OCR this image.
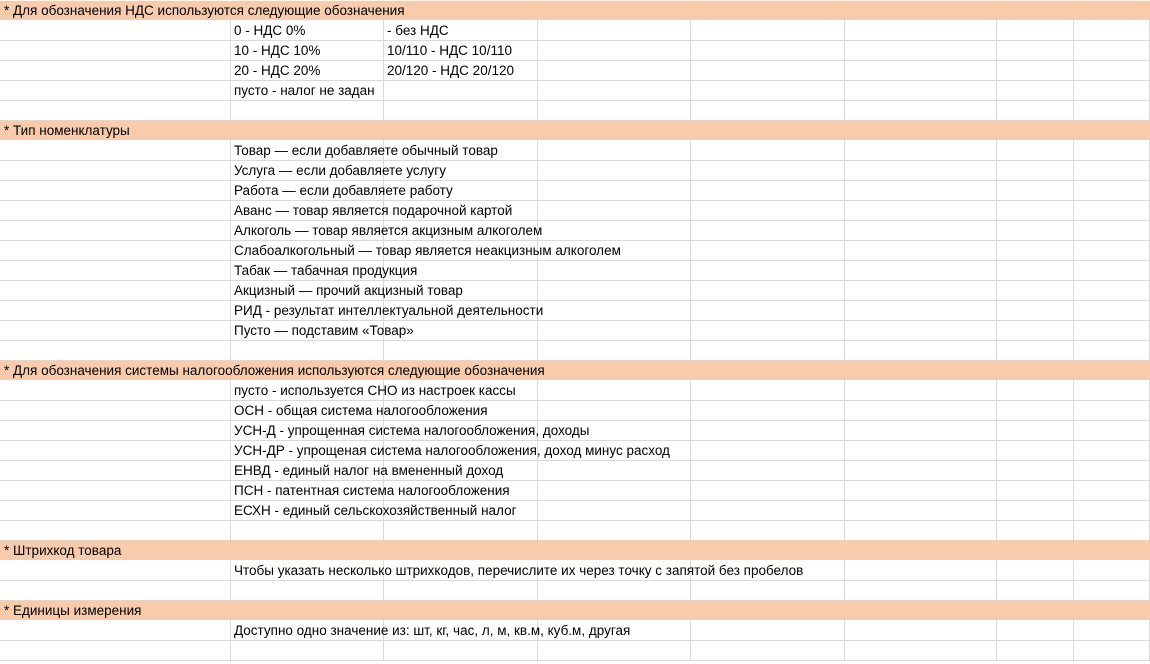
* Для обозначения НДС используются следующие обозначения
0 - НДС 0%	- без НДС
10 - НДС 10%	10/110 - НДС 10/110
20 - НДС 20%	20/120 - НДС 20/120
пусто - налог не задан
* Тип номенклатуры
Товар — если добавляете обычный товар
Услуга — если добавляете услугу
Работа — если добавляете работу
Аванс — товар является подарочной картой
Алкоголь — товар является акцизным алкоголем
Слабоалкогольный — товар является неакцизным алкоголем
Табак — табачная продукция
Акцизный — прочий акцизный товар
РИД - результат интеллектуальной деятельности
Пусто — подставим «Товар»
* Для обозначения системы налогообложения используются следующие обозначения
пусто - используется СНО из настроек кассы
ОСН - общая система налогообложения
УСН-Д - упрощенная система налогообложения, доходы
УСН-ДР - упрощеная система налогообложения, доход минус расход
ЕНВД - единый налог на вмененный доход
ПСН - патентная система налогообложения
ЕСХН - единый сельскохозяйственный налог
* Штрихкод товара
Чтобы указать несколько штрихкодов, перечислите их через точку с запятой без пробелов
* Единицы измерения
Доступно одно значение из: шт, кг, час, л, м, кв.м, куб.м, другая
